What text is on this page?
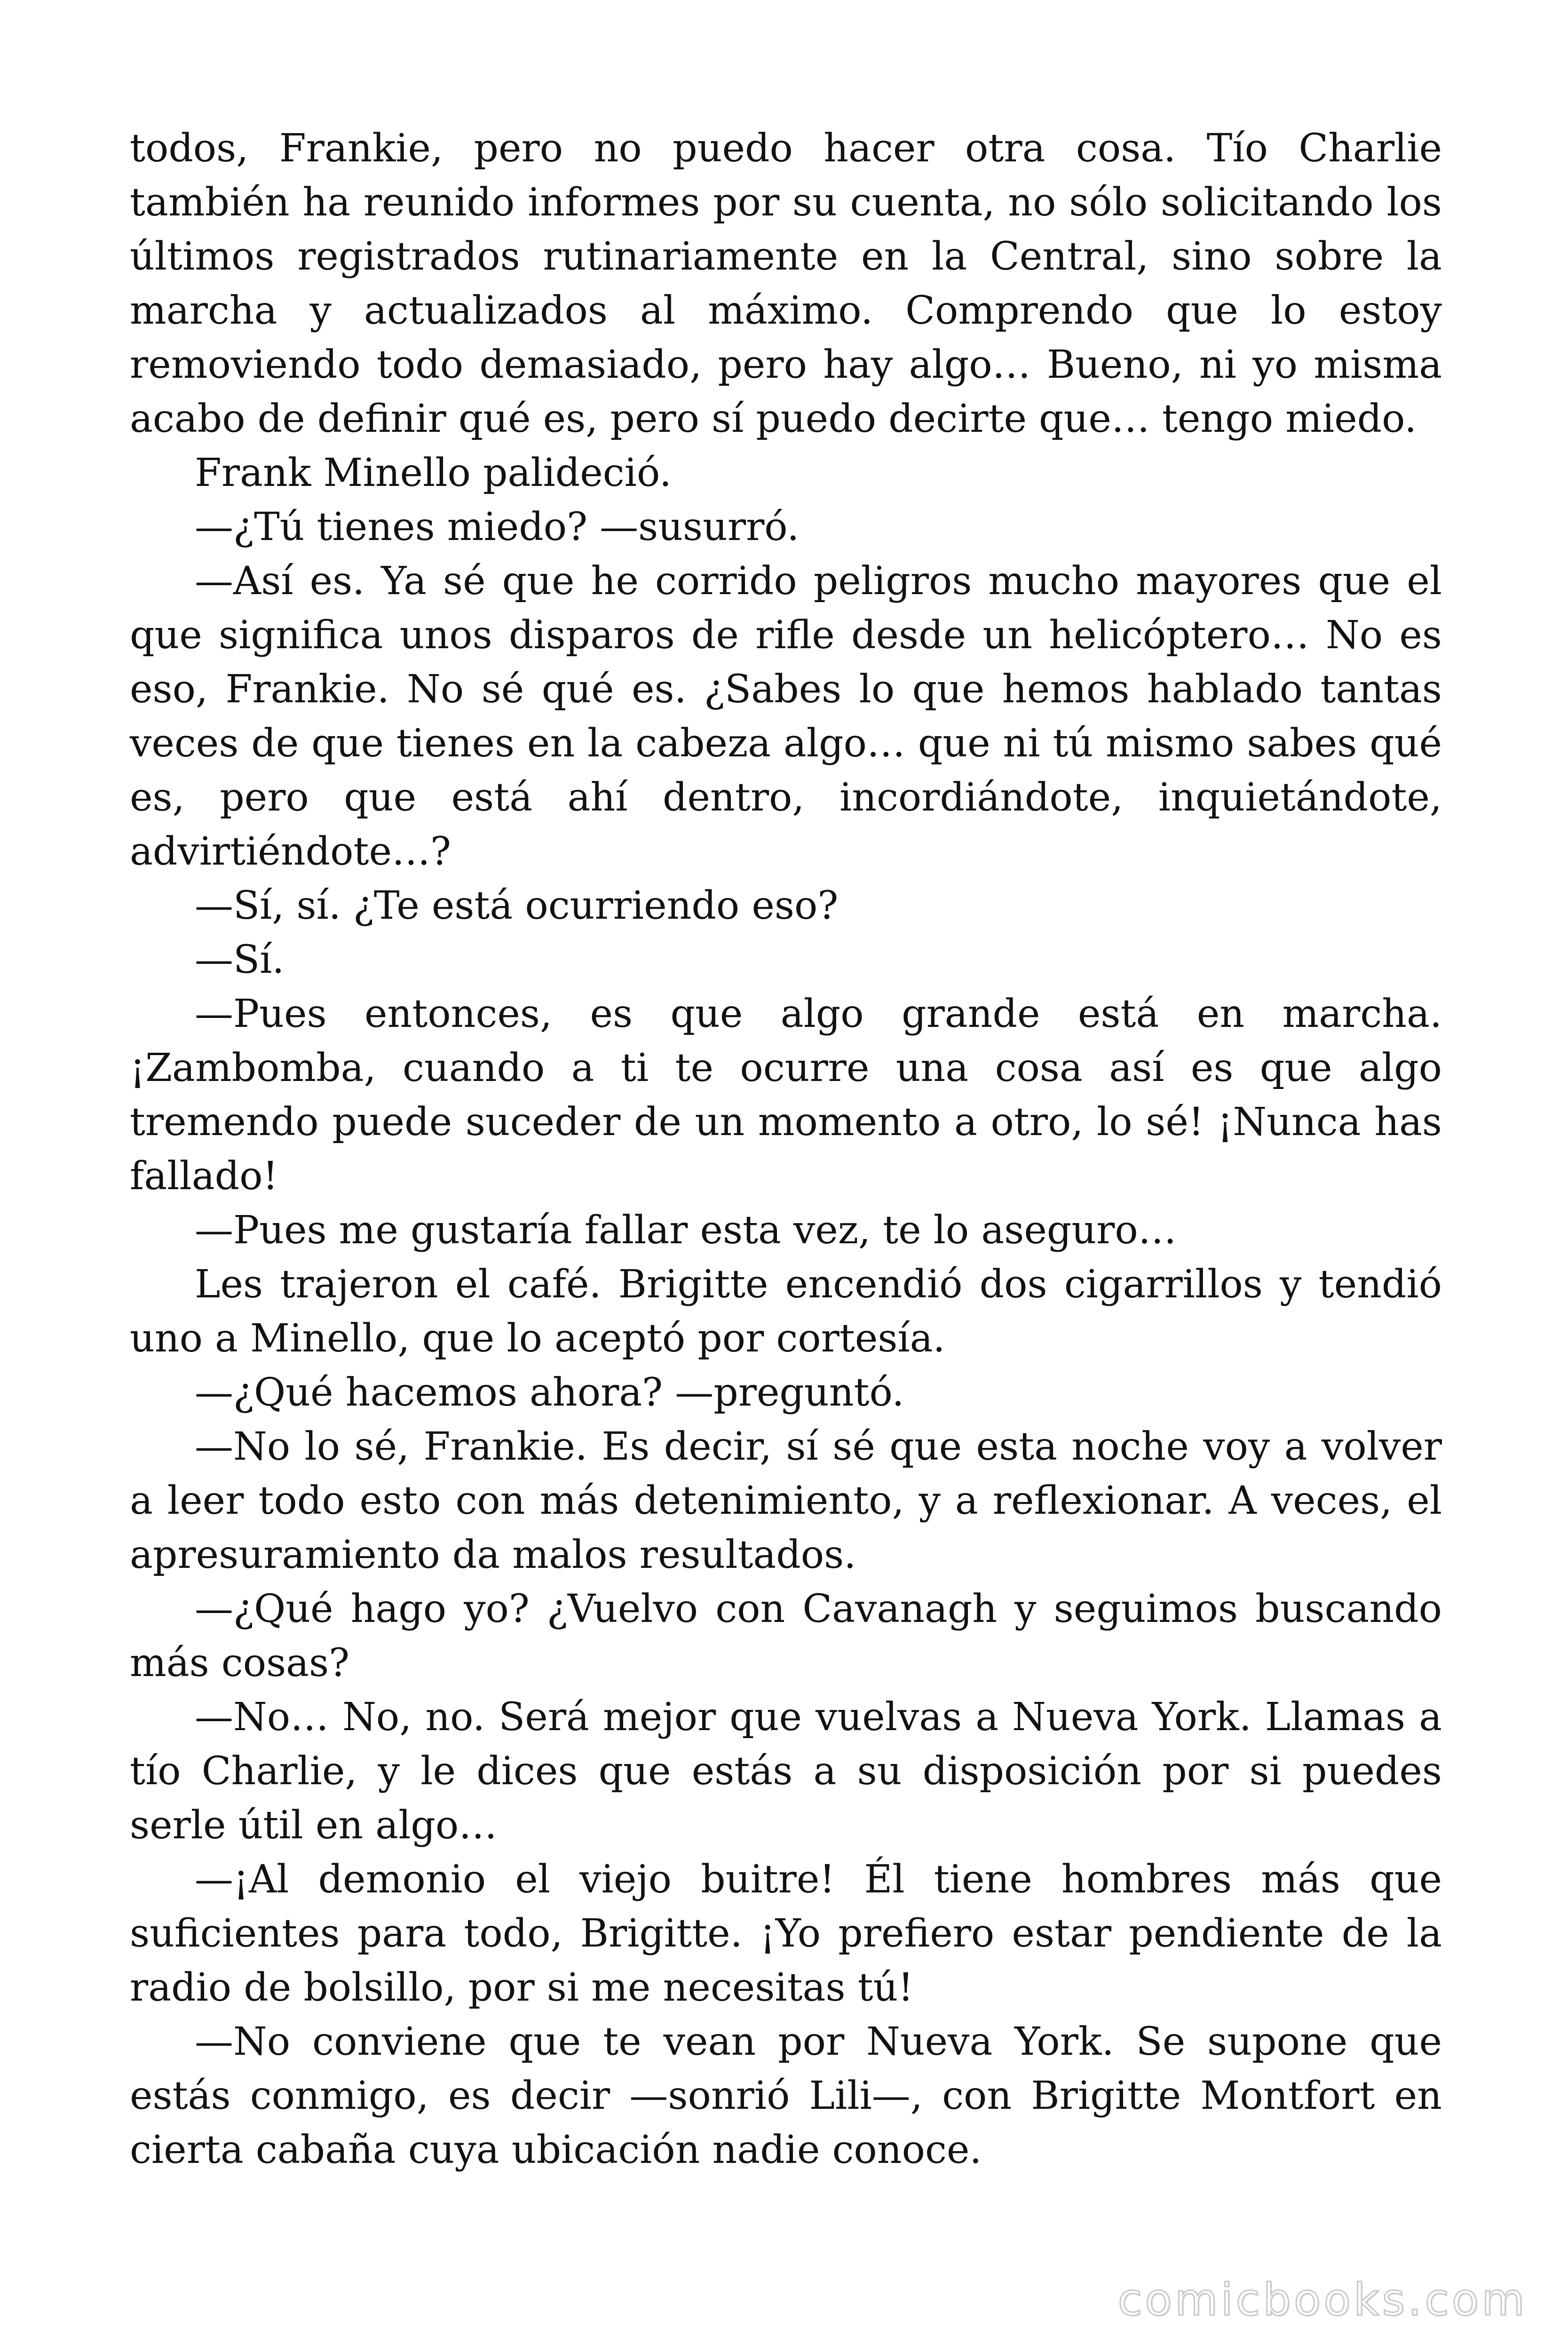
todos, Frankie, pero no puedo hacer otra cosa. Tío Charlie también ha reunido informes por su cuenta, no sólo solicitando los últimos registrados rutinariamente en la Central, sino sobre la marcha y actualizados al máximo. Comprendo que lo estoy removiendo todo demasiado, pero hay algo… Bueno, ni yo misma acabo de definir qué es, pero sí puedo decirte que… tengo miedo.

Frank Minello palideció.

—¿Tú tienes miedo? —susurró.

—Así es. Ya sé que he corrido peligros mucho mayores que el que significa unos disparos de rifle desde un helicóptero… No es eso, Frankie. No sé qué es. ¿Sabes lo que hemos hablado tantas veces de que tienes en la cabeza algo… que ni tú mismo sabes qué es, pero que está ahí dentro, incordiándote, inquietándote, advirtiéndote…?

—Sí, sí. ¿Te está ocurriendo eso?

—Sí.

—Pues entonces, es que algo grande está en marcha. ¡Zambomba, cuando a ti te ocurre una cosa así es que algo tremendo puede suceder de un momento a otro, lo sé! ¡Nunca has fallado!

—Pues me gustaría fallar esta vez, te lo aseguro…

Les trajeron el café. Brigitte encendió dos cigarrillos y tendió uno a Minello, que lo aceptó por cortesía.

—¿Qué hacemos ahora? —preguntó.

—No lo sé, Frankie. Es decir, sí sé que esta noche voy a volver a leer todo esto con más detenimiento, y a reflexionar. A veces, el apresuramiento da malos resultados.

—¿Qué hago yo? ¿Vuelvo con Cavanagh y seguimos buscando más cosas?

—No… No, no. Será mejor que vuelvas a Nueva York. Llamas a tío Charlie, y le dices que estás a su disposición por si puedes serle útil en algo…

—¡Al demonio el viejo buitre! Él tiene hombres más que suficientes para todo, Brigitte. ¡Yo prefiero estar pendiente de la radio de bolsillo, por si me necesitas tú!

—No conviene que te vean por Nueva York. Se supone que estás conmigo, es decir —sonrió Lili—, con Brigitte Montfort en cierta cabaña cuya ubicación nadie conoce.

comicbooks.com
